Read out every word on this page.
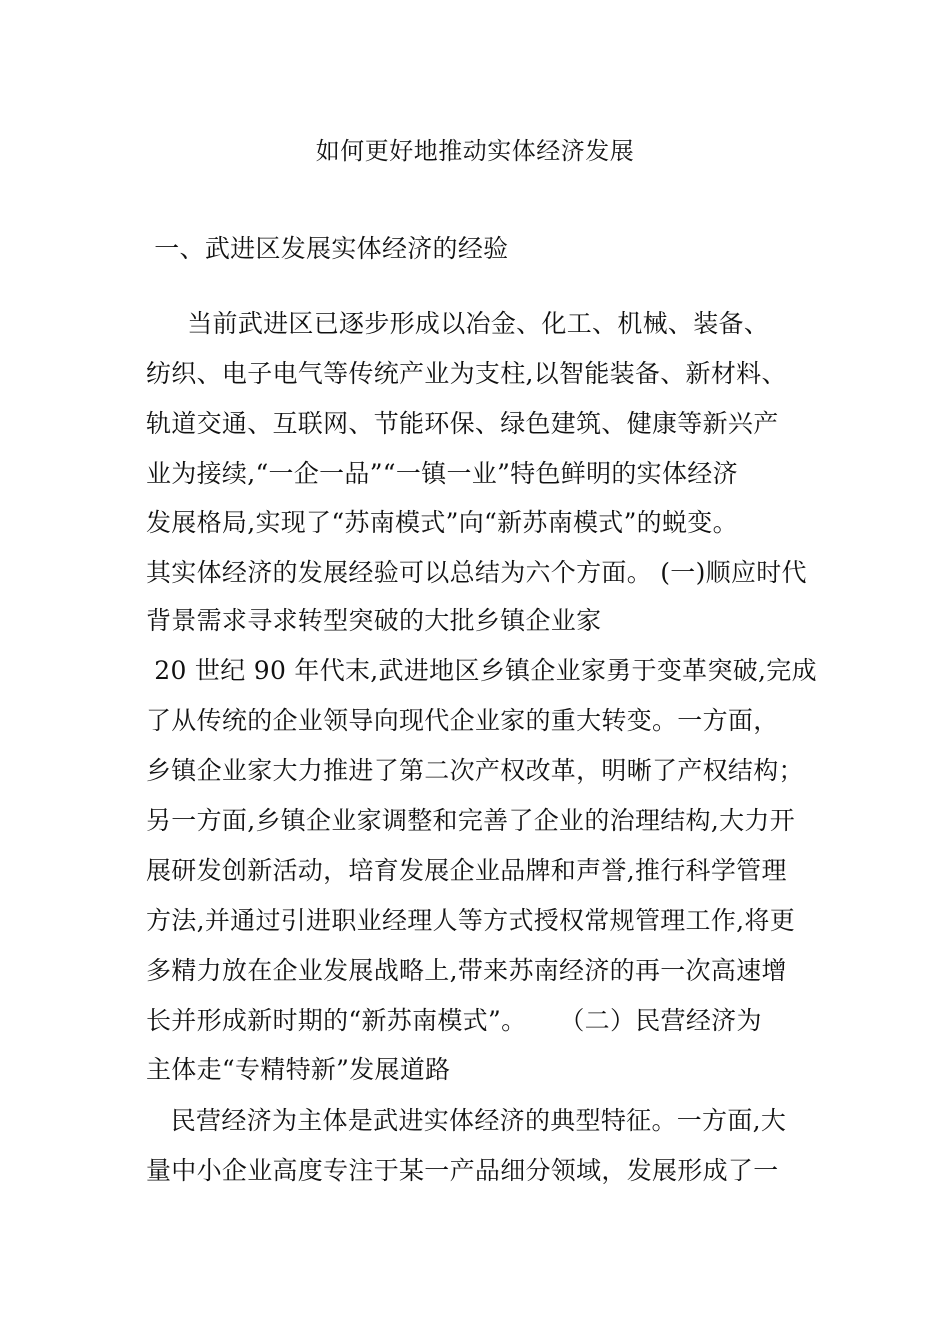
如何更好地推动实体经济发展
一、武进区发展实体经济的经验
当前武进区已逐步形成以冶金、化工、机械、装备、
纺织、电子电气等传统产业为支柱,以智能装备、新材料、
轨道交通、互联网、节能环保、绿色建筑、健康等新兴产
业为接续,“一企一品”“一镇一业”特色鲜明的实体经济
发展格局,实现了“苏南模式”向“新苏南模式”的蜕变。
其实体经济的发展经验可以总结为六个方面。 (一)顺应时代
背景需求寻求转型突破的大批乡镇企业家
20 世纪 90 年代末,武进地区乡镇企业家勇于变革突破,完成
了从传统的企业领导向现代企业家的重大转变。一方面，
乡镇企业家大力推进了第二次产权改革，明晰了产权结构；
另一方面,乡镇企业家调整和完善了企业的治理结构,大力开
展研发创新活动，培育发展企业品牌和声誉,推行科学管理
方法,并通过引进职业经理人等方式授权常规管理工作,将更
多精力放在企业发展战略上,带来苏南经济的再一次高速增
长并形成新时期的“新苏南模式”。    （二）民营经济为
主体走“专精特新”发展道路
民营经济为主体是武进实体经济的典型特征。一方面,大
量中小企业高度专注于某一产品细分领域，发展形成了一
